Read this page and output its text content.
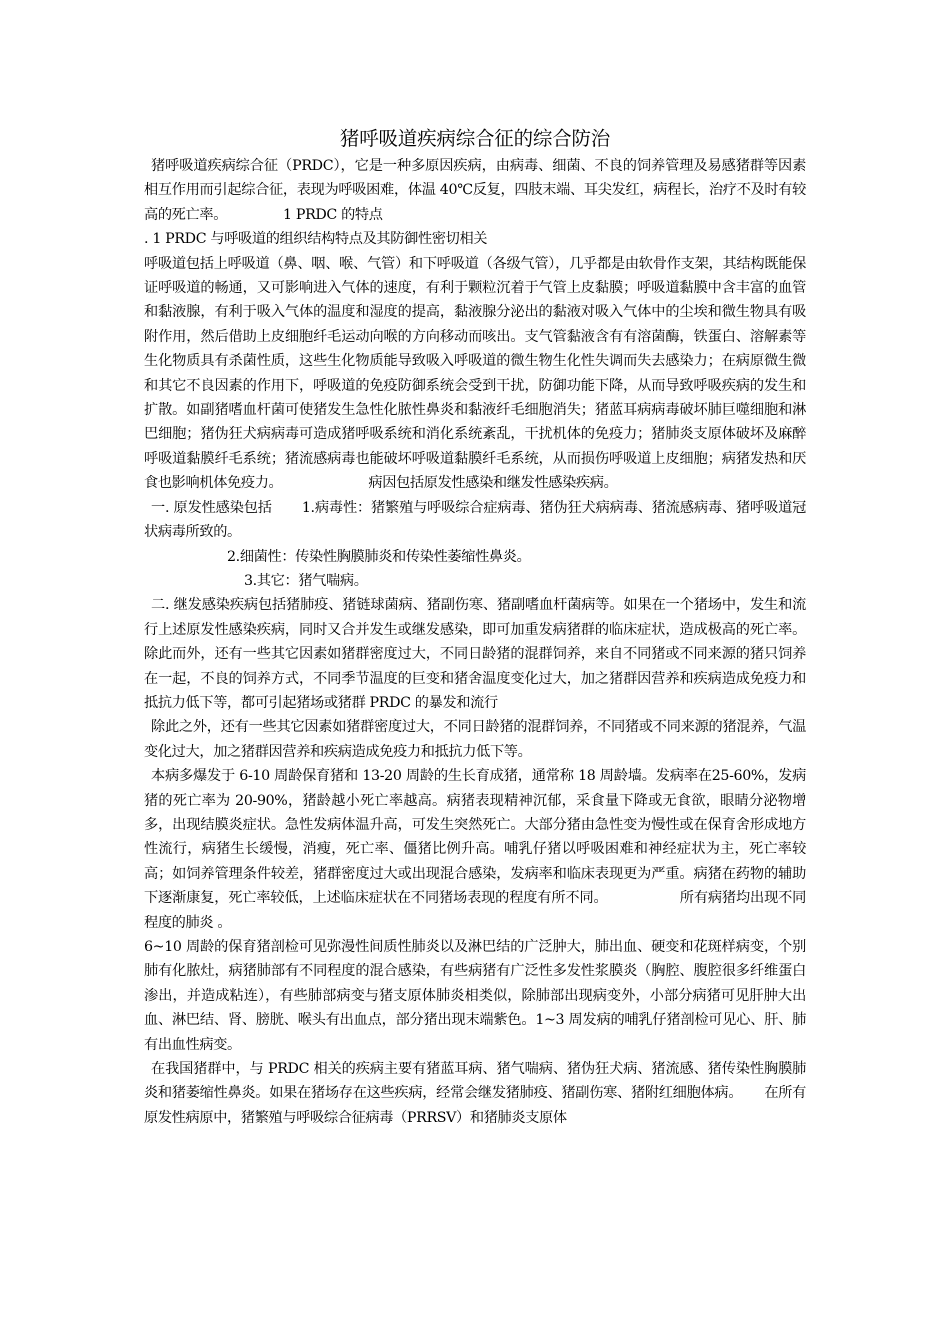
猪呼吸道疾病综合征的综合防治

猪呼吸道疾病综合征（PRDC），它是一种多原因疾病，由病毒、细菌、不良的饲养管理及易感猪群等因素相互作用而引起综合征，表现为呼吸困难，体温 40℃反复，四肢末端、耳尖发红，病程长，治疗不及时有较高的死亡率。	1 PRDC 的特点

. 1 PRDC 与呼吸道的组织结构特点及其防御性密切相关

呼吸道包括上呼吸道（鼻、咽、喉、气管）和下呼吸道（各级气管），几乎都是由软骨作支架，其结构既能保证呼吸道的畅通，又可影响进入气体的速度，有利于颗粒沉着于气管上皮黏膜；呼吸道黏膜中含丰富的血管和黏液腺，有利于吸入气体的温度和湿度的提高，黏液腺分泌出的黏液对吸入气体中的尘埃和微生物具有吸附作用，然后借助上皮细胞纤毛运动向喉的方向移动而咳出。支气管黏液含有有溶菌酶，铁蛋白、溶解素等生化物质具有杀菌性质，这些生化物质能导致吸入呼吸道的微生物生化性失调而失去感染力；在病原微生微和其它不良因素的作用下，呼吸道的免疫防御系统会受到干扰，防御功能下降，从而导致呼吸疾病的发生和扩散。如副猪嗜血杆菌可使猪发生急性化脓性鼻炎和黏液纤毛细胞消失；猪蓝耳病病毒破坏肺巨噬细胞和淋巴细胞；猪伪狂犬病病毒可造成猪呼吸系统和消化系统紊乱，干扰机体的免疫力；猪肺炎支原体破坏及麻醉呼吸道黏膜纤毛系统；猪流感病毒也能破坏呼吸道黏膜纤毛系统，从而损伤呼吸道上皮细胞；病猪发热和厌食也影响机体免疫力。	病因包括原发性感染和继发性感染疾病。

一. 原发性感染包括 1.病毒性：猪繁殖与呼吸综合症病毒、猪伪狂犬病病毒、猪流感病毒、猪呼吸道冠状病毒所致的。

2.细菌性：传染性胸膜肺炎和传染性萎缩性鼻炎。

3.其它：猪气喘病。

二. 继发感染疾病包括猪肺疫、猪链球菌病、猪副伤寒、猪副嗜血杆菌病等。如果在一个猪场中，发生和流行上述原发性感染疾病，同时又合并发生或继发感染，即可加重发病猪群的临床症状，造成极高的死亡率。除此而外，还有一些其它因素如猪群密度过大，不同日龄猪的混群饲养，来自不同猪或不同来源的猪只饲养在一起，不良的饲养方式，不同季节温度的巨变和猪舍温度变化过大，加之猪群因营养和疾病造成免疫力和抵抗力低下等，都可引起猪场或猪群 PRDC 的暴发和流行

除此之外，还有一些其它因素如猪群密度过大，不同日龄猪的混群饲养，不同猪或不同来源的猪混养，气温变化过大，加之猪群因营养和疾病造成免疫力和抵抗力低下等。

本病多爆发于 6-10 周龄保育猪和 13-20 周龄的生长育成猪，通常称 18 周龄墙。发病率在25-60%，发病猪的死亡率为 20-90%，猪龄越小死亡率越高。病猪表现精神沉郁，采食量下降或无食欲，眼睛分泌物增多，出现结膜炎症状。急性发病体温升高，可发生突然死亡。大部分猪由急性变为慢性或在保育舍形成地方性流行，病猪生长缓慢，消瘦，死亡率、僵猪比例升高。哺乳仔猪以呼吸困难和神经症状为主，死亡率较高；如饲养管理条件较差，猪群密度过大或出现混合感染，发病率和临床表现更为严重。病猪在药物的辅助下逐渐康复，死亡率较低，上述临床症状在不同猪场表现的程度有所不同。	所有病猪均出现不同程度的肺炎 。

6~10 周龄的保育猪剖检可见弥漫性间质性肺炎以及淋巴结的广泛肿大，肺出血、硬变和花斑样病变，个别肺有化脓灶，病猪肺部有不同程度的混合感染，有些病猪有广泛性多发性浆膜炎（胸腔、腹腔很多纤维蛋白渗出，并造成粘连），有些肺部病变与猪支原体肺炎相类似，除肺部出现病变外，小部分病猪可见肝肿大出血、淋巴结、肾、膀胱、喉头有出血点，部分猪出现末端紫色。1~3 周发病的哺乳仔猪剖检可见心、肝、肺有出血性病变。

在我国猪群中，与 PRDC 相关的疾病主要有猪蓝耳病、猪气喘病、猪伪狂犬病、猪流感、猪传染性胸膜肺炎和猪萎缩性鼻炎。如果在猪场存在这些疾病，经常会继发猪肺疫、猪副伤寒、猪附红细胞体病。 在所有原发性病原中，猪繁殖与呼吸综合征病毒（PRRSV）和猪肺炎支原体
